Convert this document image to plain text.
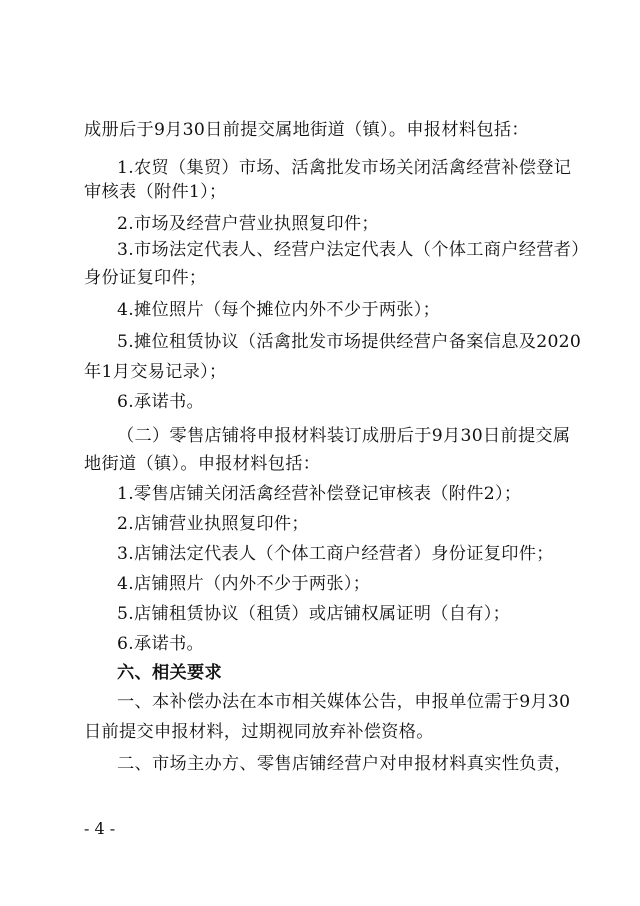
成册后于9月30日前提交属地街道（镇）。申报材料包括：
1.农贸（集贸）市场、活禽批发市场关闭活禽经营补偿登记
审核表（附件1）；
2.市场及经营户营业执照复印件；
3.市场法定代表人、经营户法定代表人（个体工商户经营者）
身份证复印件；
4.摊位照片（每个摊位内外不少于两张）；
5.摊位租赁协议（活禽批发市场提供经营户备案信息及2020
年1月交易记录）；
6.承诺书。
（二）零售店铺将申报材料装订成册后于9月30日前提交属
地街道（镇）。申报材料包括：
1.零售店铺关闭活禽经营补偿登记审核表（附件2）；
2.店铺营业执照复印件；
3.店铺法定代表人（个体工商户经营者）身份证复印件；
4.店铺照片（内外不少于两张）；
5.店铺租赁协议（租赁）或店铺权属证明（自有）；
6.承诺书。
六、相关要求
一、本补偿办法在本市相关媒体公告，申报单位需于9月30
日前提交申报材料，过期视同放弃补偿资格。
二、市场主办方、零售店铺经营户对申报材料真实性负责，
- 4 -
